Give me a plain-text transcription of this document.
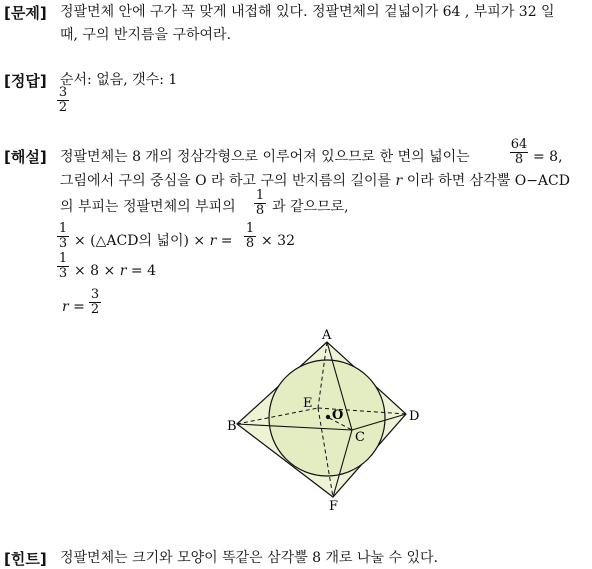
[문제] 정팔면체 안에 구가 꼭 맞게 내접해 있다. 정팔면체의 겉넓이가 64 , 부피가 32 일
때, 구의 반지름을 구하여라.
[정답] 순서: 없음, 갯수: 1
3
2
[해설] 정팔면체는 8 개의 정삼각형으로 이루어져 있으므로 한 면의 넓이는
64
8 = 8,
그림에서 구의 중심을 O 라 하고 구의 반지름의 길이를 r 이라 하면 삼각뿔 O−ACD
의 부피는 정팔면체의 부피의
1
8 과 같으므로,
1
3 × (△ACD의 넓이) × r =
1
8 × 32
1
3 × 8 × r = 4
r =
3
2
A
B
C
D
E
F
O
[힌트] 정팔면체는 크기와 모양이 똑같은 삼각뿔 8 개로 나눌 수 있다.
